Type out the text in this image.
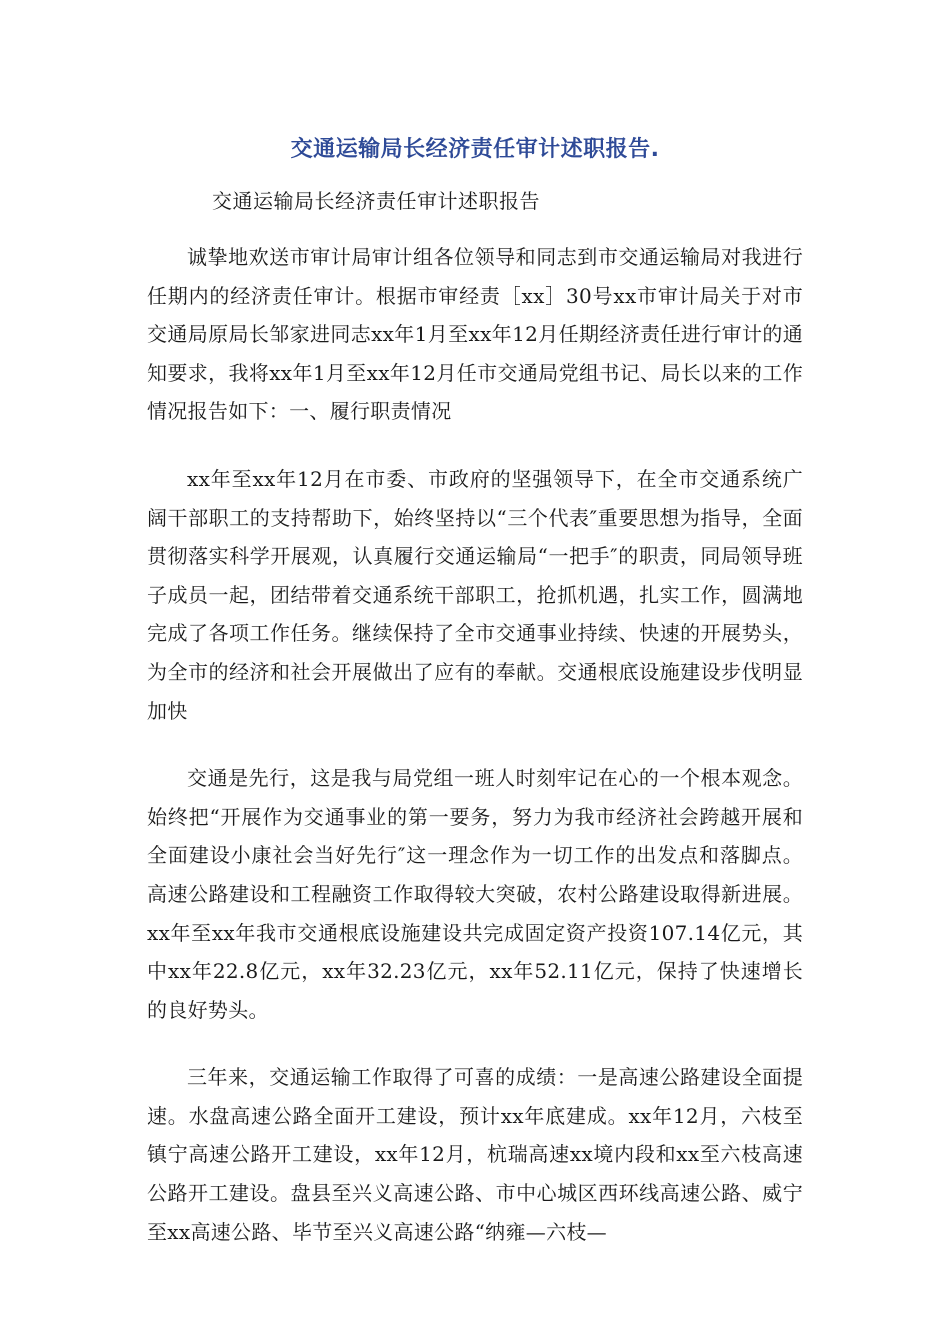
交通运输局长经济责任审计述职报告.
交通运输局长经济责任审计述职报告

诚挚地欢送市审计局审计组各位领导和同志到市交通运输局对我进行任期内的经济责任审计。根据市审经责［xx］30号xx市审计局关于对市交通局原局长邹家进同志xx年1月至xx年12月任期经济责任进行审计的通知要求，我将xx年1月至xx年12月任市交通局党组书记、局长以来的工作情况报告如下：一、履行职责情况

xx年至xx年12月在市委、市政府的坚强领导下，在全市交通系统广阔干部职工的支持帮助下，始终坚持以“三个代表″重要思想为指导，全面贯彻落实科学开展观，认真履行交通运输局“一把手″的职责，同局领导班子成员一起，团结带着交通系统干部职工，抢抓机遇，扎实工作，圆满地完成了各项工作任务。继续保持了全市交通事业持续、快速的开展势头，为全市的经济和社会开展做出了应有的奉献。交通根底设施建设步伐明显加快

交通是先行，这是我与局党组一班人时刻牢记在心的一个根本观念。始终把“开展作为交通事业的第一要务，努力为我市经济社会跨越开展和全面建设小康社会当好先行″这一理念作为一切工作的出发点和落脚点。高速公路建设和工程融资工作取得较大突破，农村公路建设取得新进展。xx年至xx年我市交通根底设施建设共完成固定资产投资107.14亿元，其中xx年22.8亿元，xx年32.23亿元，xx年52.11亿元，保持了快速增长的良好势头。

三年来，交通运输工作取得了可喜的成绩：一是高速公路建设全面提速。水盘高速公路全面开工建设，预计xx年底建成。xx年12月，六枝至镇宁高速公路开工建设，xx年12月，杭瑞高速xx境内段和xx至六枝高速公路开工建设。盘县至兴义高速公路、市中心城区西环线高速公路、威宁至xx高速公路、毕节至兴义高速公路“纳雍—六枝—
